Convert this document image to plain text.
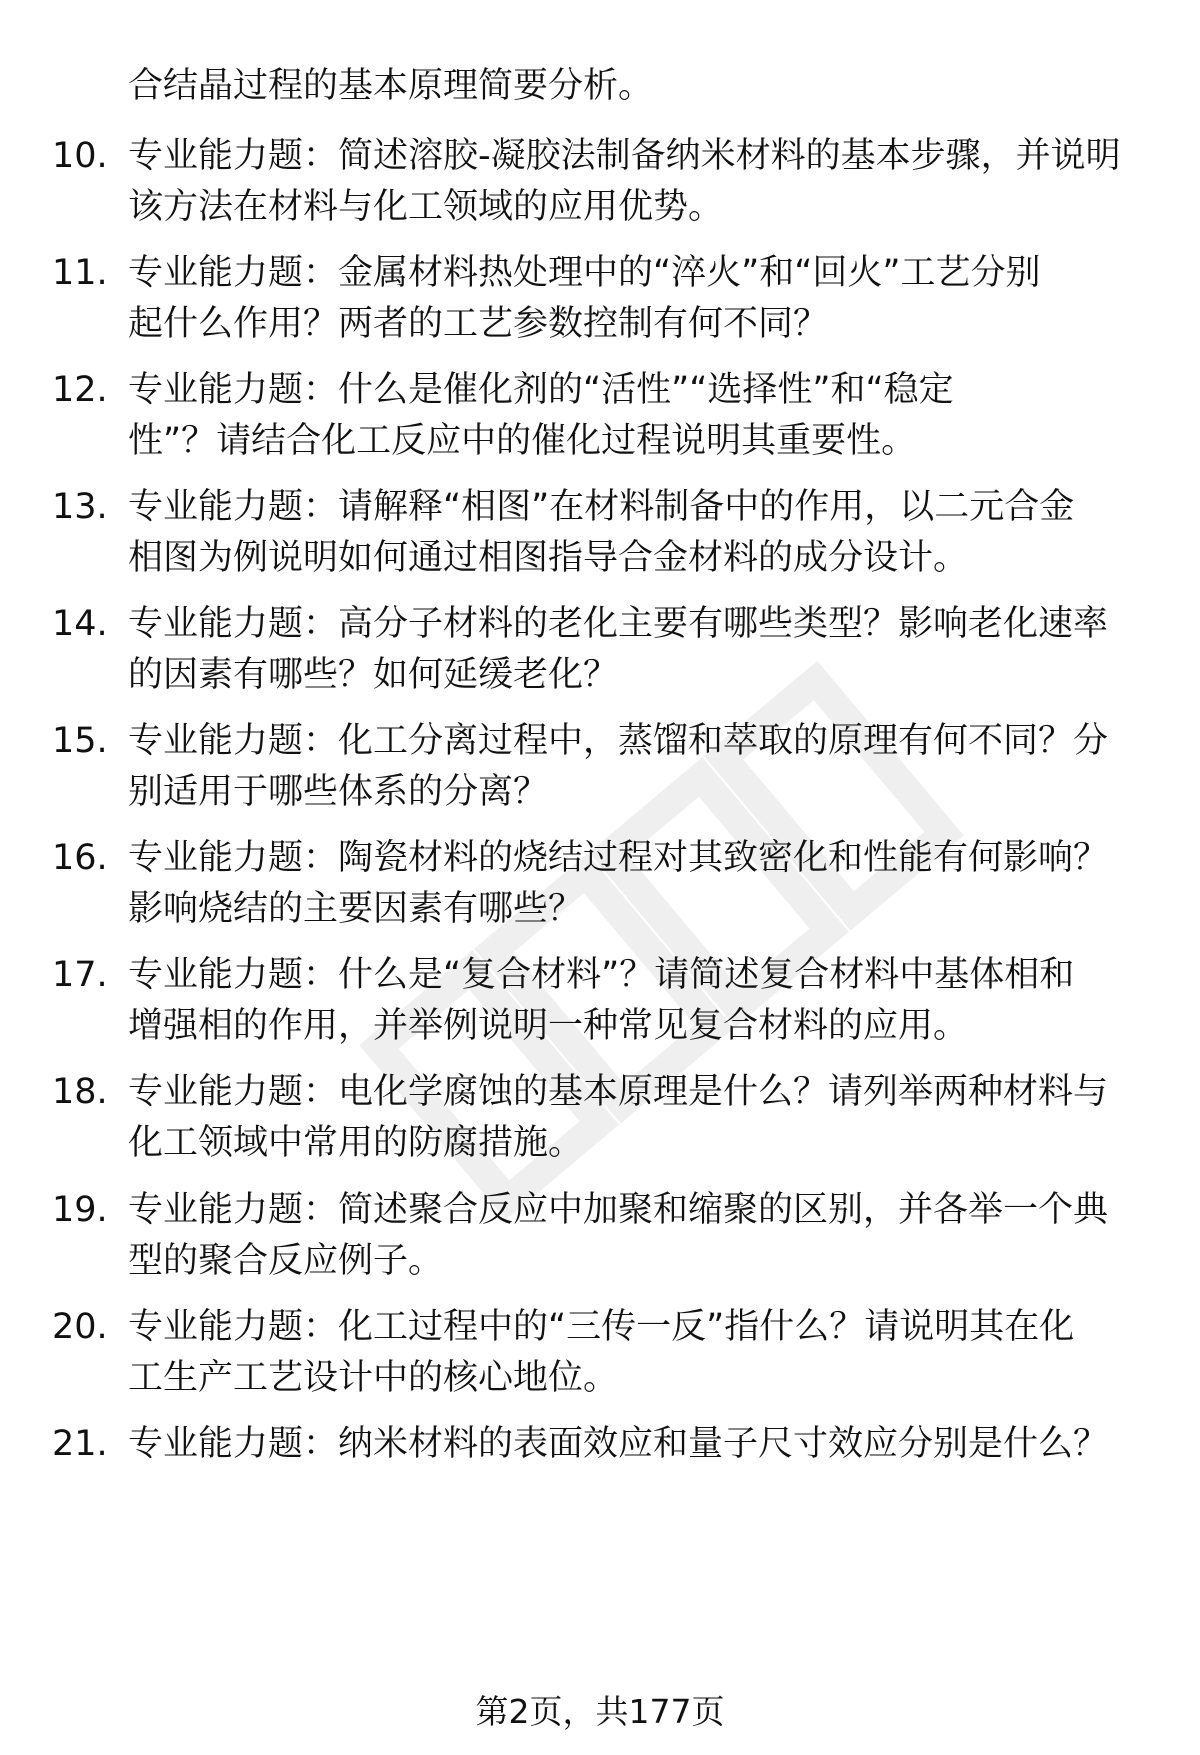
合结晶过程的基本原理简要分析。
10. 专业能力题：简述溶胶-凝胶法制备纳米材料的基本步骤，并说明
该方法在材料与化工领域的应用优势。
11. 专业能力题：金属材料热处理中的“淬火”和“回火”工艺分别
起什么作用？两者的工艺参数控制有何不同？
12. 专业能力题：什么是催化剂的“活性”“选择性”和“稳定
性”？请结合化工反应中的催化过程说明其重要性。
13. 专业能力题：请解释“相图”在材料制备中的作用，以二元合金
相图为例说明如何通过相图指导合金材料的成分设计。
14. 专业能力题：高分子材料的老化主要有哪些类型？影响老化速率
的因素有哪些？如何延缓老化？
15. 专业能力题：化工分离过程中，蒸馏和萃取的原理有何不同？分
别适用于哪些体系的分离？
16. 专业能力题：陶瓷材料的烧结过程对其致密化和性能有何影响？
影响烧结的主要因素有哪些？
17. 专业能力题：什么是“复合材料”？请简述复合材料中基体相和
增强相的作用，并举例说明一种常见复合材料的应用。
18. 专业能力题：电化学腐蚀的基本原理是什么？请列举两种材料与
化工领域中常用的防腐措施。
19. 专业能力题：简述聚合反应中加聚和缩聚的区别，并各举一个典
型的聚合反应例子。
20. 专业能力题：化工过程中的“三传一反”指什么？请说明其在化
工生产工艺设计中的核心地位。
21. 专业能力题：纳米材料的表面效应和量子尺寸效应分别是什么？
第2页，共177页
